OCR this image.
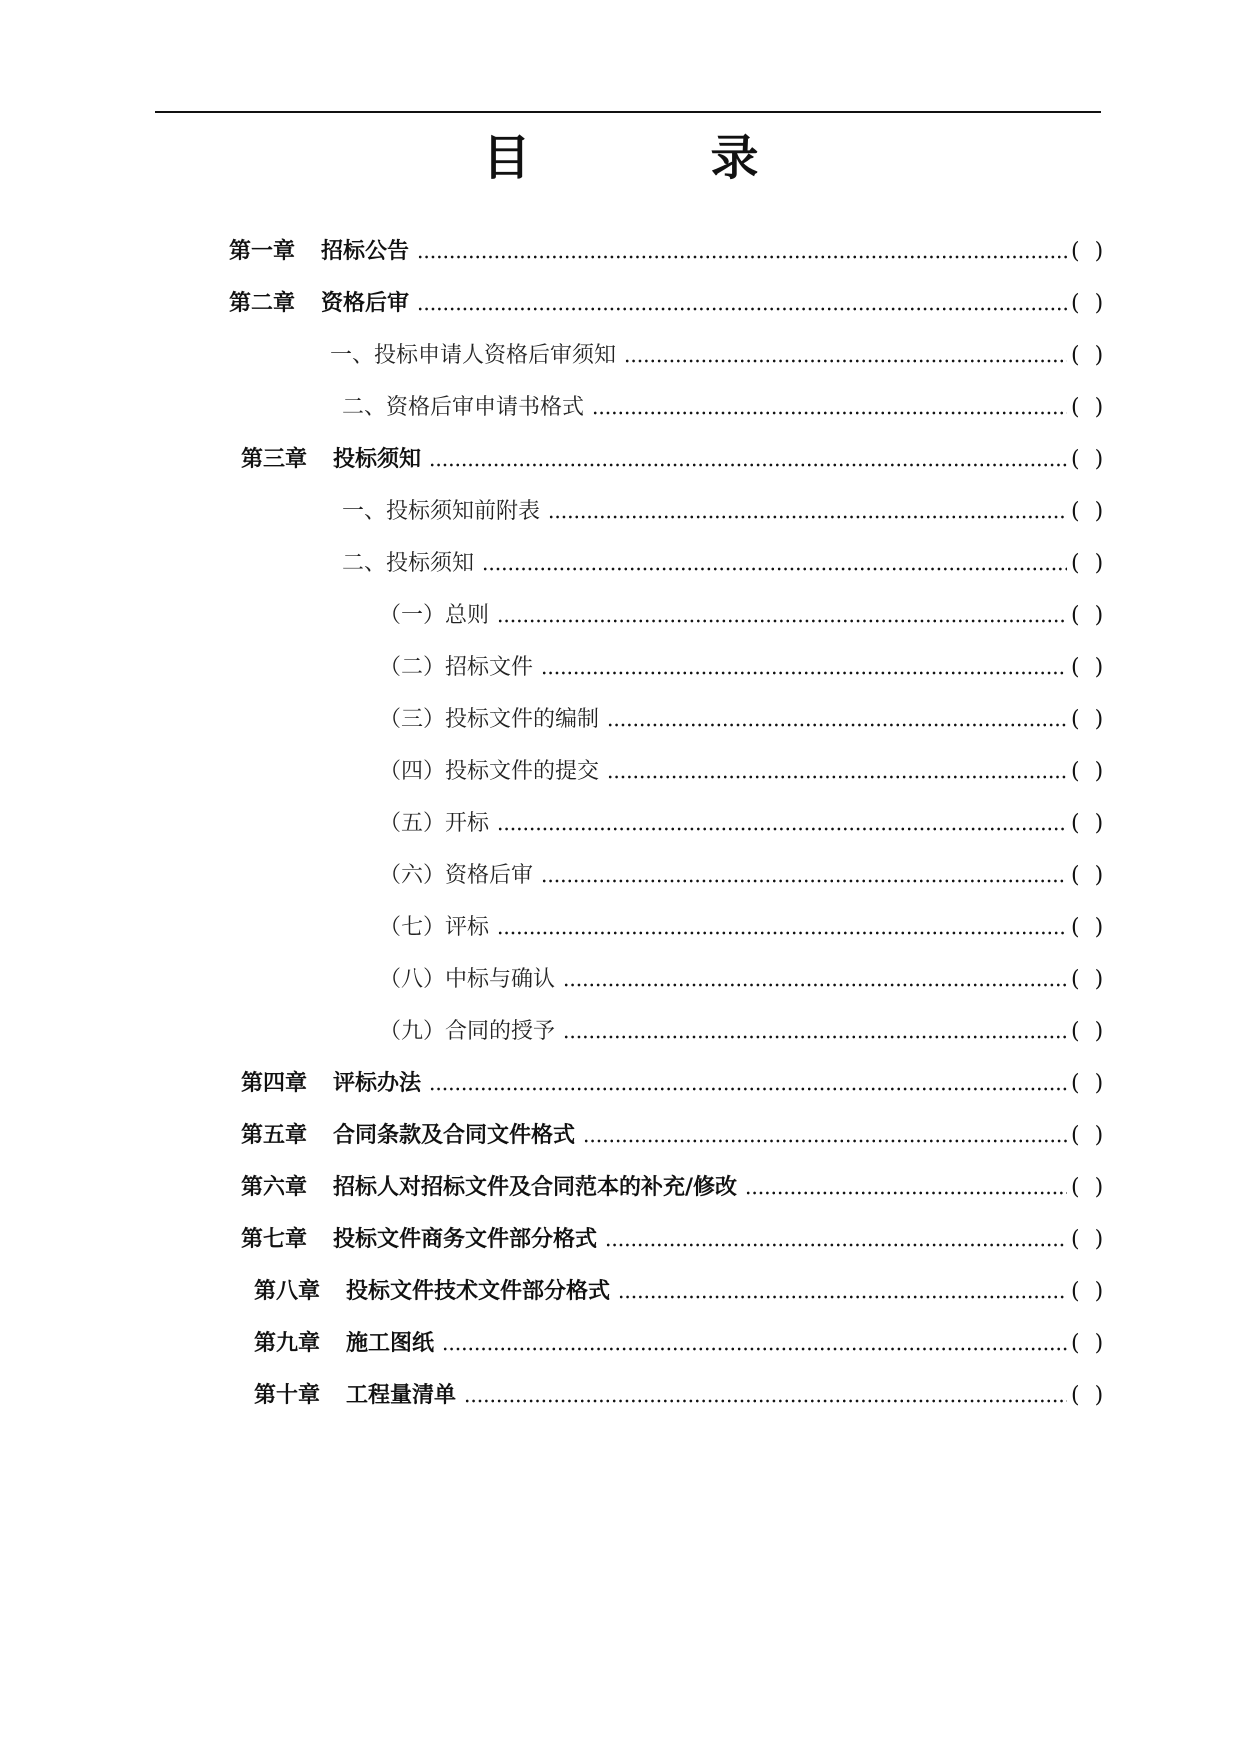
目　录
第一章 招标公告	( )
第二章 资格后审	( )
一、投标申请人资格后审须知	( )
二、资格后审申请书格式	( )
第三章 投标须知	( )
一、投标须知前附表	( )
二、投标须知	( )
（一）总则	( )
（二）招标文件	( )
（三）投标文件的编制	( )
（四）投标文件的提交	( )
（五）开标	( )
（六）资格后审	( )
（七）评标	( )
（八）中标与确认	( )
（九）合同的授予	( )
第四章 评标办法	( )
第五章 合同条款及合同文件格式	( )
第六章 招标人对招标文件及合同范本的补充/修改	( )
第七章 投标文件商务文件部分格式	( )
第八章 投标文件技术文件部分格式	( )
第九章 施工图纸	( )
第十章 工程量清单	( )
